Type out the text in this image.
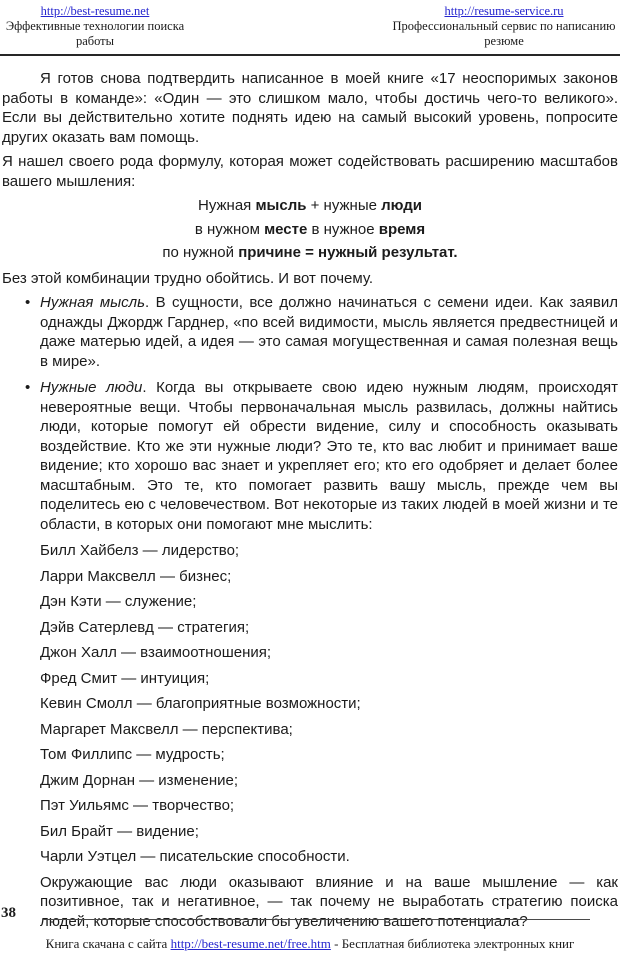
http://best-resume.net
Эффективные технологии поиска работы
http://resume-service.ru
Профессиональный сервис по написанию резюме

Я готов снова подтвердить написанное в моей книге «17 неоспоримых законов работы в команде»: «Один — это слишком мало, чтобы достичь чего-то великого». Если вы действительно хотите поднять идею на самый высокий уровень, попросите других оказать вам помощь.

Я нашел своего рода формулу, которая может содействовать расширению масштабов вашего мышления:

Нужная мысль + нужные люди
в нужном месте в нужное время
по нужной причине = нужный результат.

Без этой комбинации трудно обойтись. И вот почему.

• Нужная мысль. В сущности, все должно начинаться с семени идеи. Как заявил однажды Джордж Гарднер, «по всей видимости, мысль является предвестницей и даже матерью идей, а идея — это самая могущественная и самая полезная вещь в мире».
• Нужные люди. Когда вы открываете свою идею нужным людям, происходят невероятные вещи. Чтобы первоначальная мысль развилась, должны найтись люди, которые помогут ей обрести видение, силу и способность оказывать воздействие. Кто же эти нужные люди? Это те, кто вас любит и принимает ваше видение; кто хорошо вас знает и укрепляет его; кто его одобряет и делает более масштабным. Это те, кто помогает развить вашу мысль, прежде чем вы поделитесь ею с человечеством. Вот некоторые из таких людей в моей жизни и те области, в которых они помогают мне мыслить:
Билл Хайбелз — лидерство;
Ларри Максвелл — бизнес;
Дэн Кэти — служение;
Дэйв Сатерлевд — стратегия;
Джон Халл — взаимоотношения;
Фред Смит — интуиция;
Кевин Смолл — благоприятные возможности;
Маргарет Максвелл — перспектива;
Том Филлипс — мудрость;
Джим Дорнан — изменение;
Пэт Уильямс — творчество;
Бил Брайт — видение;
Чарли Уэтцел — писательские способности.

Окружающие вас люди оказывают влияние и на ваше мышление — как позитивное, так и негативное, — так почему не выработать стратегию поиска людей, которые способствовали бы увеличению вашего потенциала?

38
Книга скачана с сайта http://best-resume.net/free.htm - Бесплатная библиотека электронных книг
